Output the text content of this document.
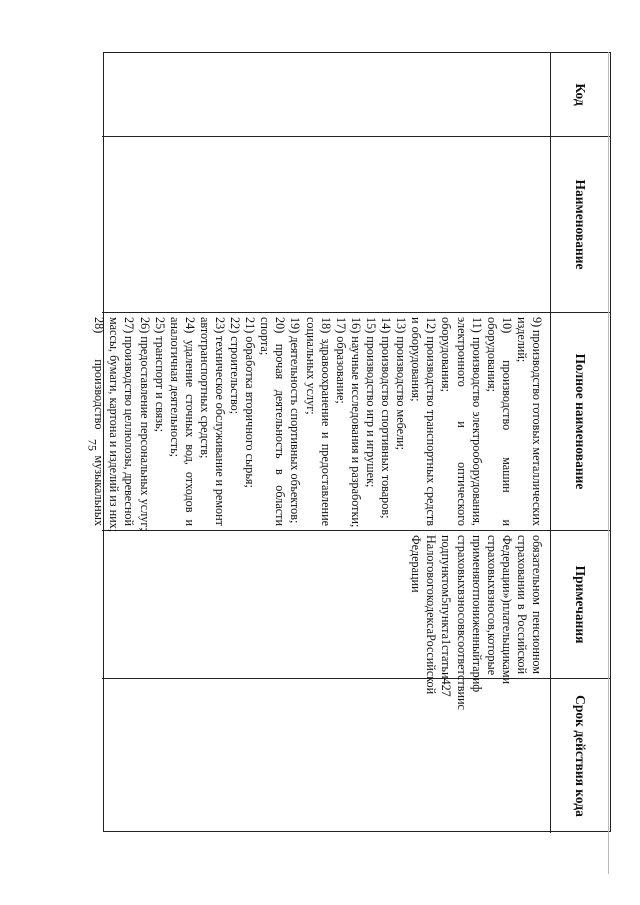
75
Код
Наименование
Полное наименование
Примечания
Срок действия кода
9)
производство
готовых
металлических
изделий;
10)
производство
машин
и
оборудования;
11)
производство
электрооборудования,
электронного
и
оптического
оборудования;
12)
производство
транспортных
средств
и оборудования;
13) производство мебели;
14) производство спортивных товаров;
15) производство игр и игрушек;
16) научные исследования и разработки;
17) образование;
18)
здравоохранение
и
предоставление
социальных услуг;
19) деятельность спортивных объектов;
20)
прочая
деятельность
в
области
спорта;
21) обработка вторичного сырья;
22) строительство;
23)
техническое
обслуживание
и
ремонт
автотранспортных средств;
24)
удаление
сточных
вод,
отходов
и
аналогичная деятельность;
25) транспорт и связь;
26) предоставление персональных услуг;
27)
производство
целлюлозы,
древесной
массы, бумаги, картона и изделий из них;
28)
производство
музыкальных
обязательном
пенсионном
страховании
в
Российской
Федерации»)
плательщиками
страховых
взносов,
которые
применяют
пониженный
тариф
страховых
взносов
в
соответствии
с
подпунктом
5
пункта
1
статьи
427
Налогового
кодекса
Российской
Федерации
